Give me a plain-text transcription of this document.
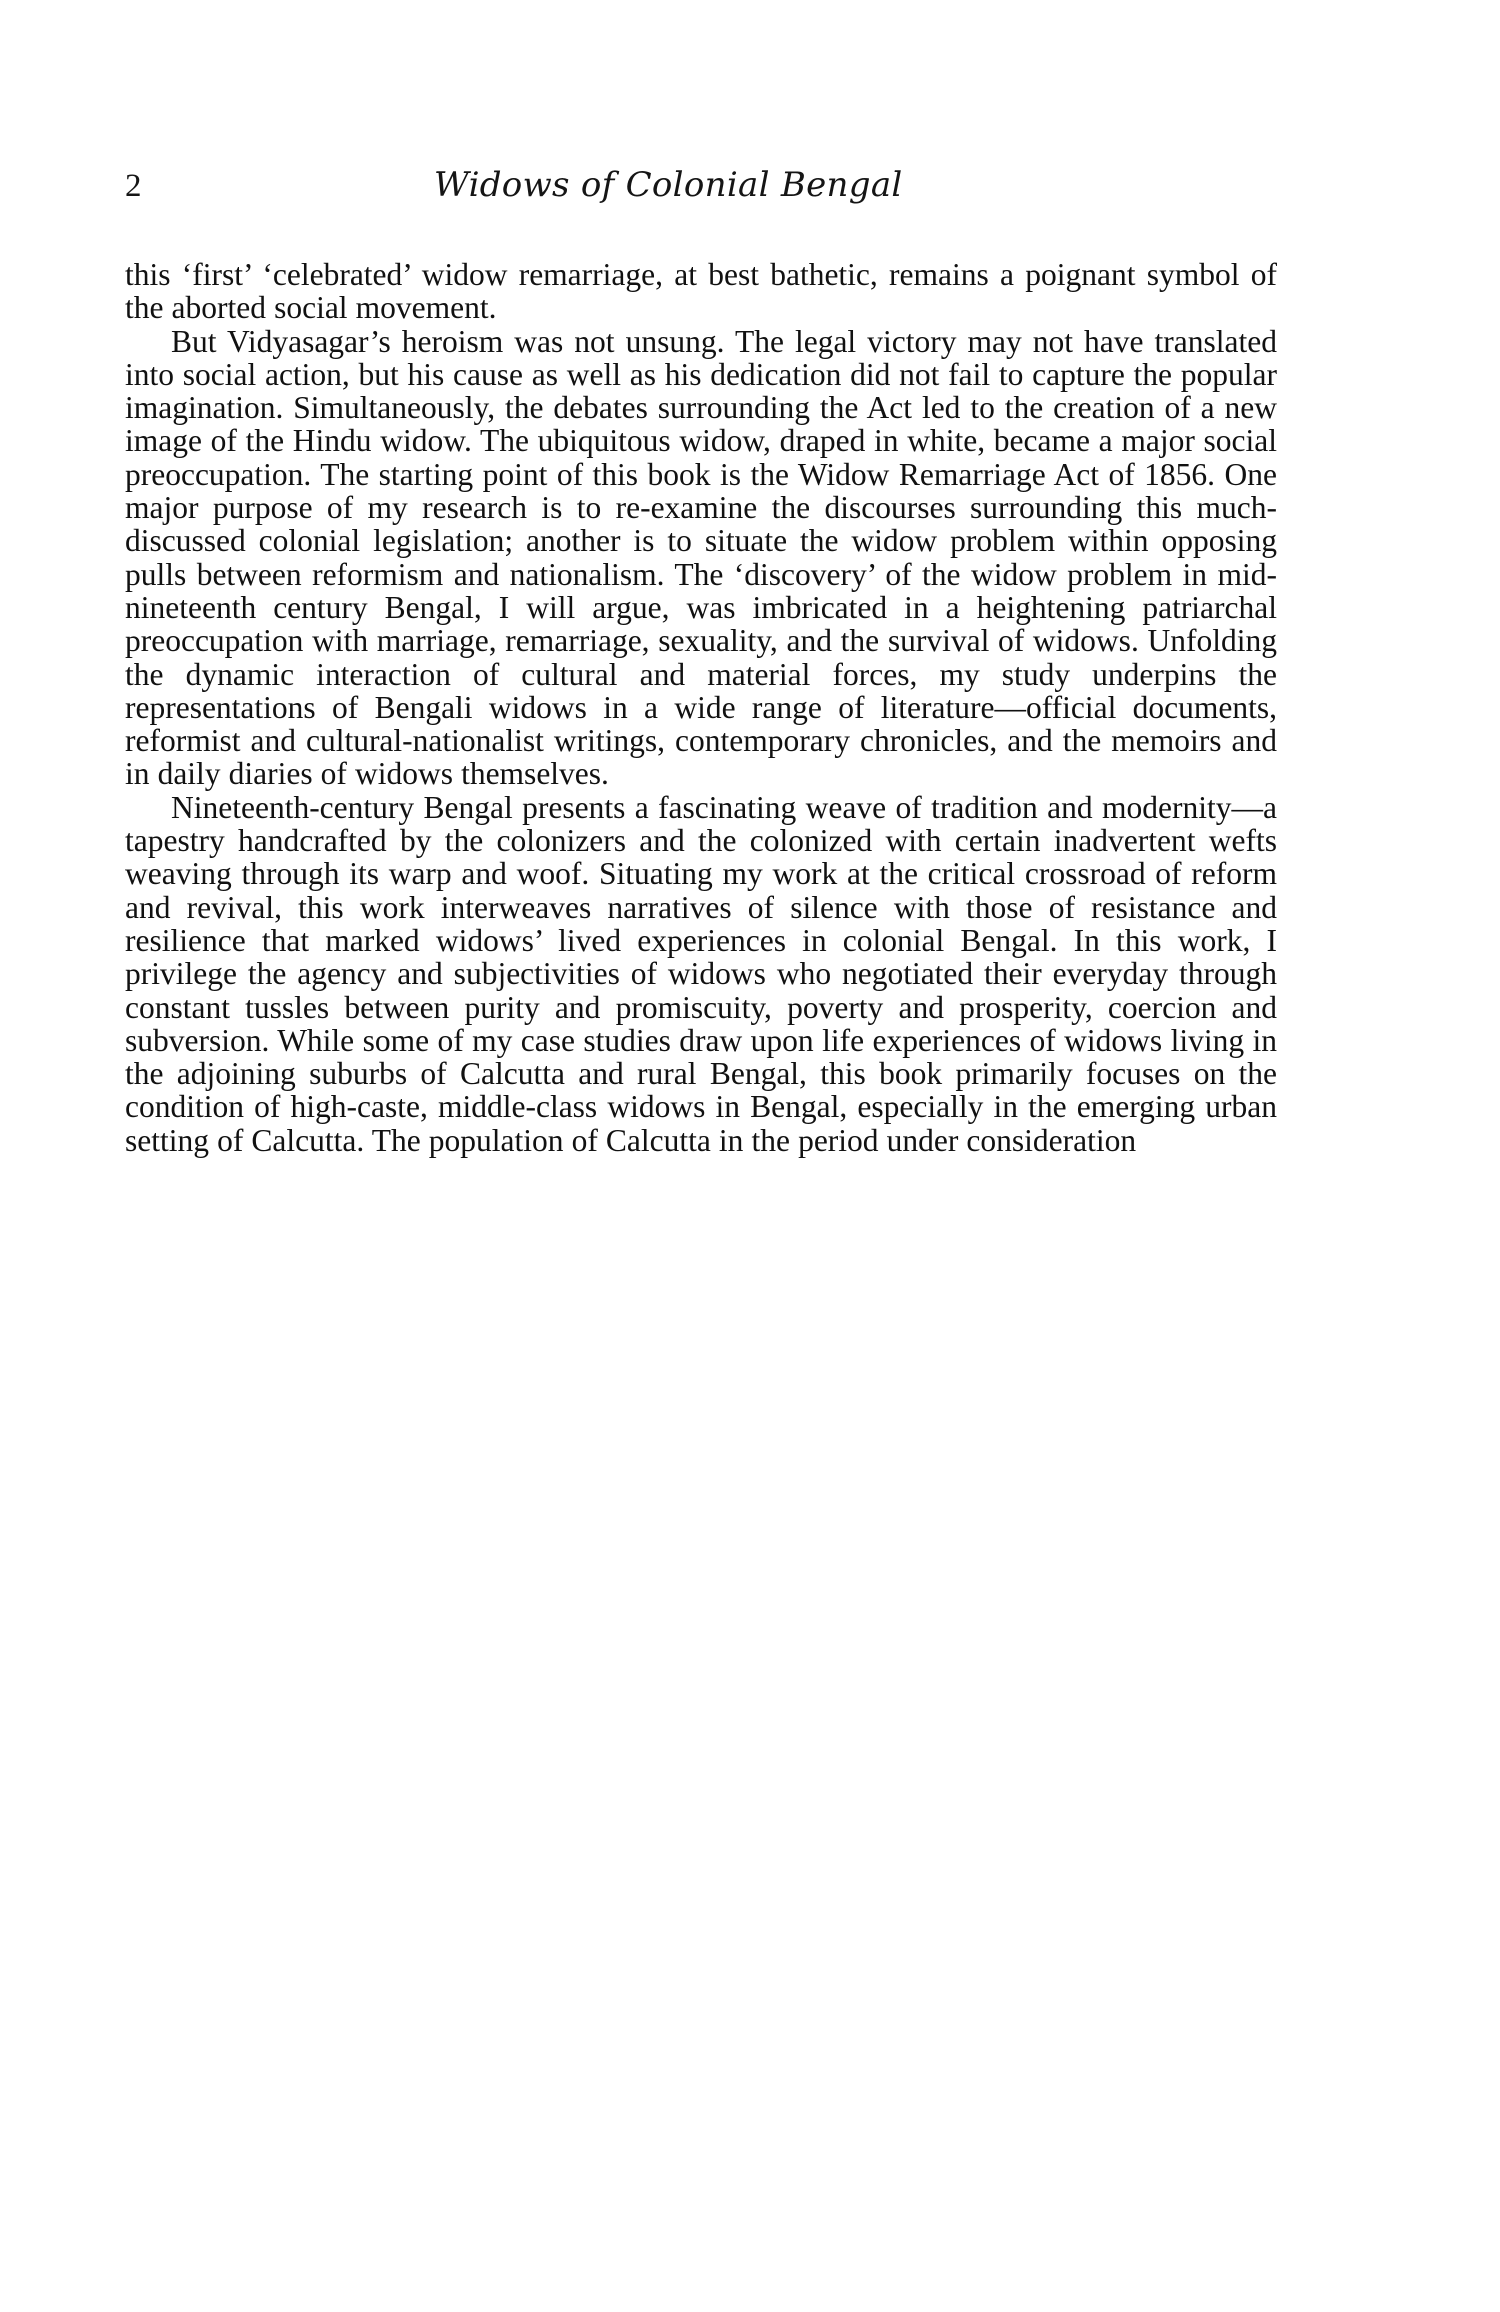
2	Widows of Colonial Bengal

this ‘first’ ‘celebrated’ widow remarriage, at best bathetic, remains a poignant symbol of the aborted social movement.

But Vidyasagar’s heroism was not unsung. The legal victory may not have translated into social action, but his cause as well as his dedication did not fail to capture the popular imagination. Simultaneously, the debates surrounding the Act led to the creation of a new image of the Hindu widow. The ubiquitous widow, draped in white, became a major social preoccupation. The starting point of this book is the Widow Remarriage Act of 1856. One major purpose of my research is to re-examine the discourses surrounding this much-discussed colonial legislation; another is to situate the widow problem within opposing pulls between reformism and nationalism. The ‘discovery’ of the widow problem in mid-nineteenth century Bengal, I will argue, was imbricated in a heightening patriarchal preoccupation with marriage, remarriage, sexuality, and the survival of widows. Unfolding the dynamic interaction of cultural and material forces, my study underpins the representations of Bengali widows in a wide range of literature—official documents, reformist and cultural-nationalist writings, contemporary chronicles, and the memoirs and in daily diaries of widows themselves.

Nineteenth-century Bengal presents a fascinating weave of tradition and modernity—a tapestry handcrafted by the colonizers and the colonized with certain inadvertent wefts weaving through its warp and woof. Situating my work at the critical crossroad of reform and revival, this work interweaves narratives of silence with those of resistance and resilience that marked widows’ lived experiences in colonial Bengal. In this work, I privilege the agency and subjectivities of widows who negotiated their everyday through constant tussles between purity and promiscuity, poverty and prosperity, coercion and subversion. While some of my case studies draw upon life experiences of widows living in the adjoining suburbs of Calcutta and rural Bengal, this book primarily focuses on the condition of high-caste, middle-class widows in Bengal, especially in the emerging urban setting of Calcutta. The population of Calcutta in the period under consideration
